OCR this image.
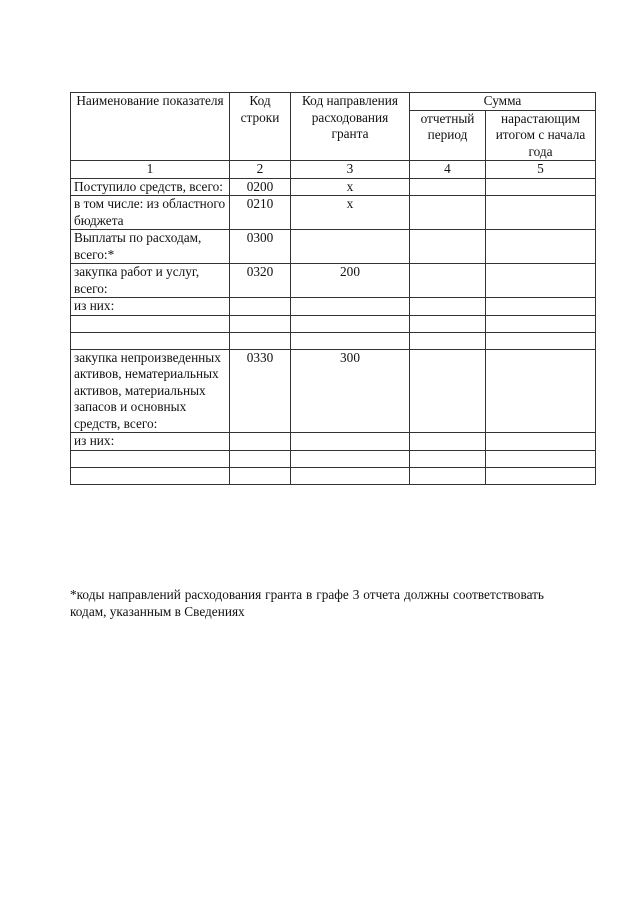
Наименование показателя	Код строки	Код направления расходования гранта	Сумма	
			отчетный период	нарастающим итогом с начала года
1	2	3	4	5
Поступило средств, всего:	0200	х		
в том числе: из областного бюджета	0210	х		
Выплаты по расходам, всего:*	0300			
закупка работ и услуг, всего:	0320	200		
из них:				

закупка непроизведенных активов, нематериальных активов, материальных запасов и основных средств, всего:	0330	300		
из них:				

*коды направлений расходования гранта в графе 3 отчета должны соответствовать кодам, указанным в Сведениях
